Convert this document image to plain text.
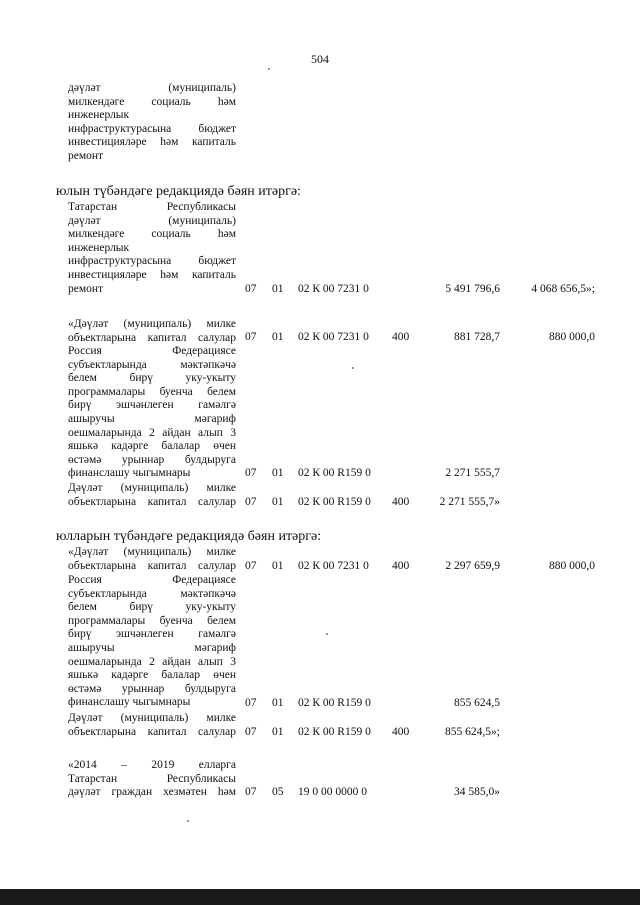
504
дәүләт (муниципаль)
милкендәге социаль һәм
инженерлык
инфраструктурасына бюджет
инвестицияләре һәм капиталь
ремонт
юлын түбәндәге редакциядә бәян итәргә:
Татарстан Республикасы
дәүләт (муниципаль)
милкендәге социаль һәм
инженерлык
инфраструктурасына бюджет
инвестицияләре һәм капиталь
ремонт	07 01 02 К 00 7231 0	5 491 796,6	4 068 656,5»;
«Дәүләт (муниципаль) милке
объектларына капитал салулар 07 01 02 К 00 7231 0 400	881 728,7	880 000,0
Россия Федерациясе
субъектларында мәктәпкәчә
белем бирү уку-укыту
программалары буенча белем
бирү эшчәнлеген гамәлгә
ашыручы мәгариф
оешмаларында 2 айдан алып 3
яшькә кадәрге балалар өчен
өстәмә урыннар булдыруга
финанслашу чыгымнары	07 01 02 К 00 R159 0	2 271 555,7
Дәүләт (муниципаль) милке
объектларына капитал салулар 07 01 02 К 00 R159 0 400	2 271 555,7»
юлларын түбәндәге редакциядә бәян итәргә:
«Дәүләт (муниципаль) милке
объектларына капитал салулар 07 01 02 К 00 7231 0 400	2 297 659,9	880 000,0
Россия Федерациясе
субъектларында мәктәпкәчә
белем бирү уку-укыту
программалары буенча белем
бирү эшчәнлеген гамәлгә
ашыручы мәгариф
оешмаларында 2 айдан алып 3
яшькә кадәрге балалар өчен
өстәмә урыннар булдыруга
финанслашу чыгымнары	07 01 02 К 00 R159 0	855 624,5
Дәүләт (муниципаль) милке
объектларына капитал салулар 07 01 02 К 00 R159 0 400	855 624,5»;
«2014 – 2019 елларга
Татарстан Республикасы
дәүләт граждан хезмәтен һәм 07 05 19 0 00 0000 0	34 585,0»
